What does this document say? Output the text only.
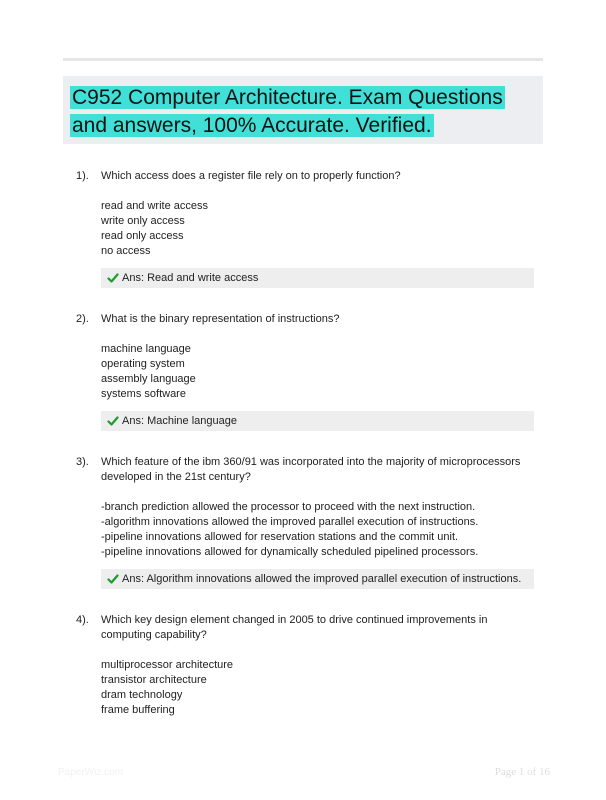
C952 Computer Architecture. Exam Questions and answers, 100% Accurate. Verified.
1). Which access does a register file rely on to properly function?
read and write access
write only access
read only access
no access
Ans: Read and write access
2). What is the binary representation of instructions?
machine language
operating system
assembly language
systems software
Ans: Machine language
3). Which feature of the ibm 360/91 was incorporated into the majority of microprocessors developed in the 21st century?
-branch prediction allowed the processor to proceed with the next instruction.
-algorithm innovations allowed the improved parallel execution of instructions.
-pipeline innovations allowed for reservation stations and the commit unit.
-pipeline innovations allowed for dynamically scheduled pipelined processors.
Ans: Algorithm innovations allowed the improved parallel execution of instructions.
4). Which key design element changed in 2005 to drive continued improvements in computing capability?
multiprocessor architecture
transistor architecture
dram technology
frame buffering
PaperWiz.com	Page 1 of 16
